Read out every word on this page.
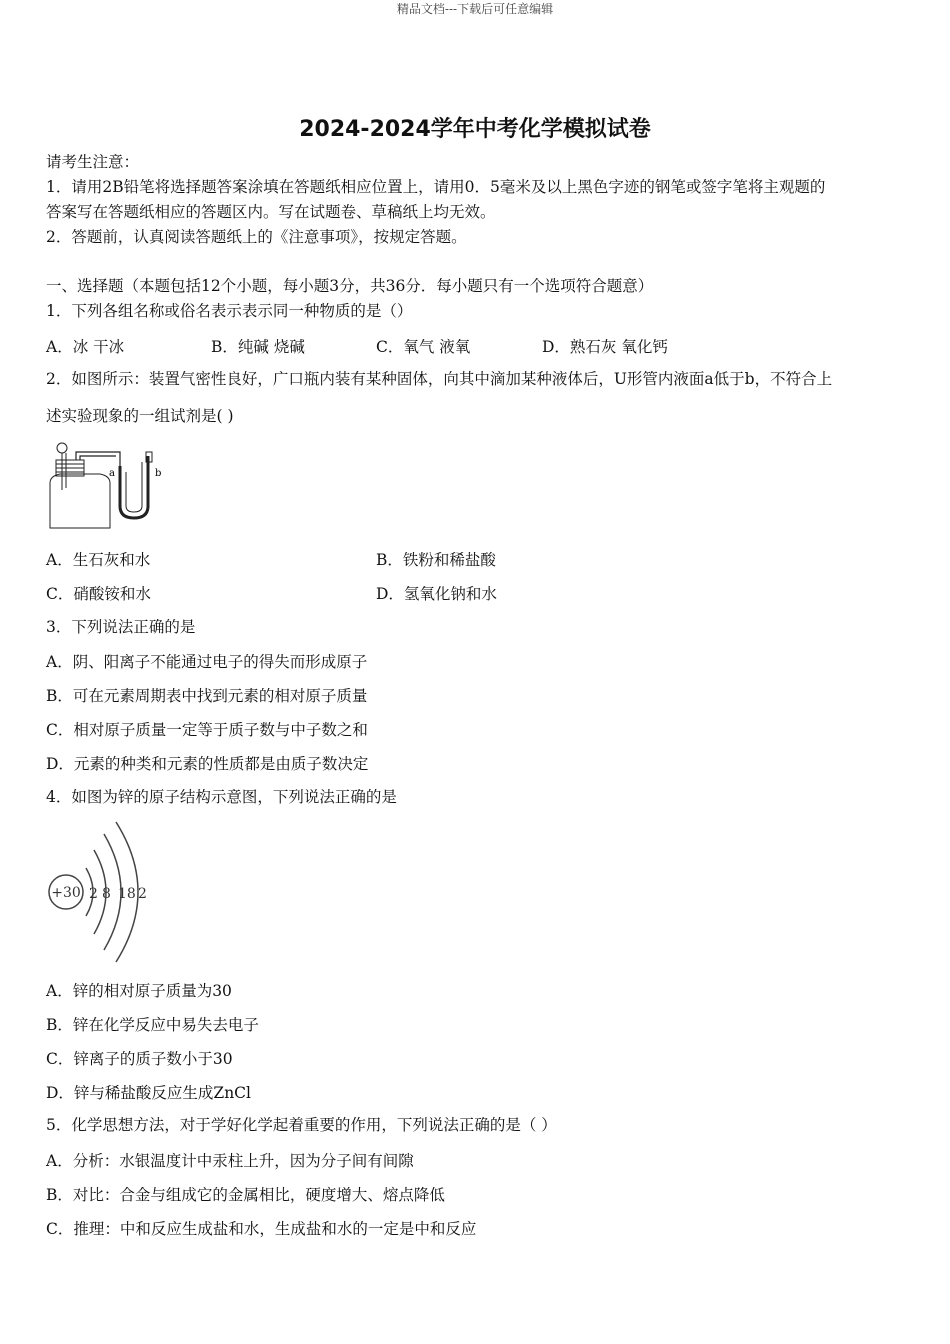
精品文档---下载后可任意编辑
2024-2024学年中考化学模拟试卷
请考生注意：
1．请用2B铅笔将选择题答案涂填在答题纸相应位置上，请用0．5毫米及以上黑色字迹的钢笔或签字笔将主观题的
答案写在答题纸相应的答题区内。写在试题卷、草稿纸上均无效。
2．答题前，认真阅读答题纸上的《注意事项》，按规定答题。
一、选择题（本题包括12个小题，每小题3分，共36分．每小题只有一个选项符合题意）
1．下列各组名称或俗名表示表示同一种物质的是（）
A．冰 干冰	B．纯碱 烧碱	C．氧气 液氧	D．熟石灰 氧化钙
2．如图所示：装置气密性良好，广口瓶内装有某种固体，向其中滴加某种液体后，U形管内液面a低于b，不符合上
述实验现象的一组试剂是( )
a	b
A．生石灰和水	B．铁粉和稀盐酸
C．硝酸铵和水	D．氢氧化钠和水
3．下列说法正确的是
A．阴、阳离子不能通过电子的得失而形成原子
B．可在元素周期表中找到元素的相对原子质量
C．相对原子质量一定等于质子数与中子数之和
D．元素的种类和元素的性质都是由质子数决定
4．如图为锌的原子结构示意图，下列说法正确的是
+30 2 8 18 2
A．锌的相对原子质量为30
B．锌在化学反应中易失去电子
C．锌离子的质子数小于30
D．锌与稀盐酸反应生成ZnCl
5．化学思想方法，对于学好化学起着重要的作用，下列说法正确的是（ ）
A．分析：水银温度计中汞柱上升，因为分子间有间隙
B．对比：合金与组成它的金属相比，硬度增大、熔点降低
C．推理：中和反应生成盐和水，生成盐和水的一定是中和反应
